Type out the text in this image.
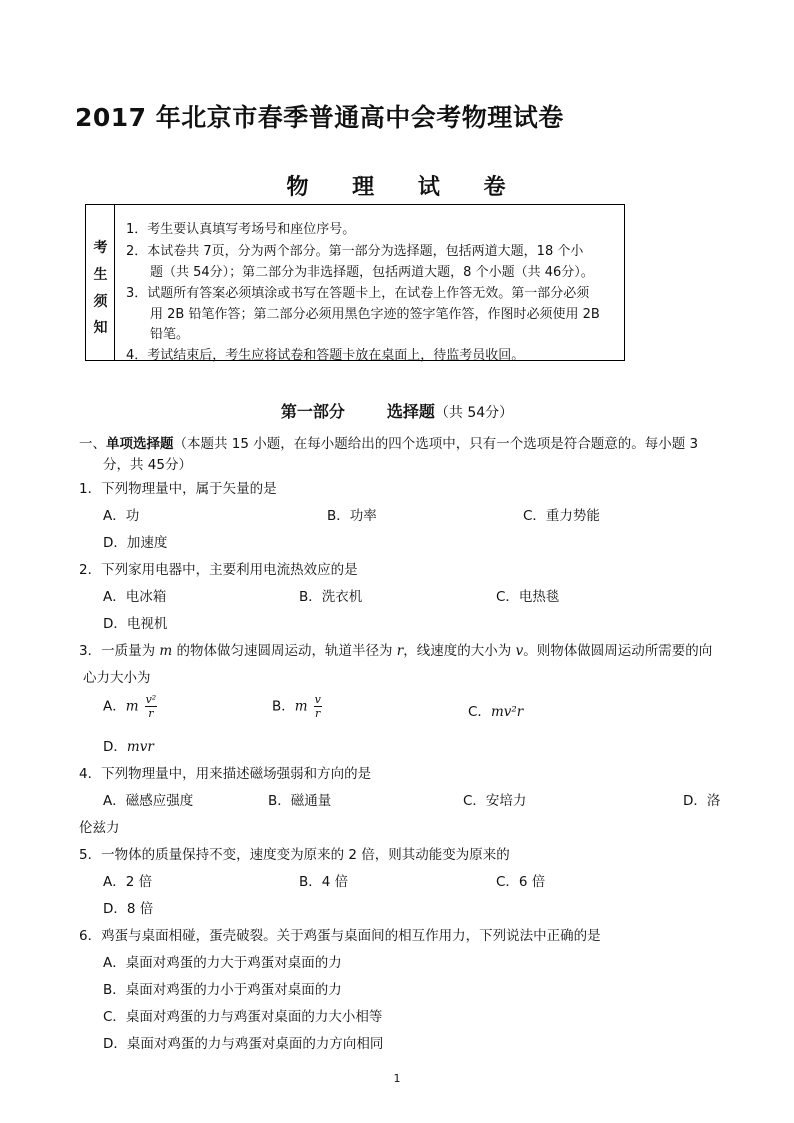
2017 年北京市春季普通高中会考物理试卷
物 理 试 卷
考
生
须
知
1．考生要认真填写考场号和座位序号。
2．本试卷共 7页，分为两个部分。第一部分为选择题，包括两道大题，18 个小
题（共 54分）；第二部分为非选择题，包括两道大题，8 个小题（共 46分）。
3．试题所有答案必须填涂或书写在答题卡上，在试卷上作答无效。第一部分必须
用 2B 铅笔作答；第二部分必须用黑色字迹的签字笔作答，作图时必须使用 2B
铅笔。
4．考试结束后，考生应将试卷和答题卡放在桌面上，待监考员收回。
第一部分	选择题（共 54分）
一、单项选择题（本题共 15 小题，在每小题给出的四个选项中，只有一个选项是符合题意的。每小题 3
分，共 45分）
1．下列物理量中，属于矢量的是
A．功	B．功率	C．重力势能
D．加速度
2．下列家用电器中，主要利用电流热效应的是
A．电冰箱	B．洗衣机	C．电热毯
D．电视机
3．一质量为 m 的物体做匀速圆周运动，轨道半径为 r，线速度的大小为 v。则物体做圆周运动所需要的向
心力大小为
A．m $\frac{\text{v²}}{r}$	B．m $\frac{v}{r}$	C．mv²r
D．mvr
4．下列物理量中，用来描述磁场强弱和方向的是
A．磁感应强度	B．磁通量	C．安培力	D．洛
伦兹力
5．一物体的质量保持不变，速度变为原来的 2 倍，则其动能变为原来的
A．2 倍	B．4 倍	C．6 倍
D．8 倍
6．鸡蛋与桌面相碰，蛋壳破裂。关于鸡蛋与桌面间的相互作用力，下列说法中正确的是
A．桌面对鸡蛋的力大于鸡蛋对桌面的力
B．桌面对鸡蛋的力小于鸡蛋对桌面的力
C．桌面对鸡蛋的力与鸡蛋对桌面的力大小相等
D．桌面对鸡蛋的力与鸡蛋对桌面的力方向相同
1
